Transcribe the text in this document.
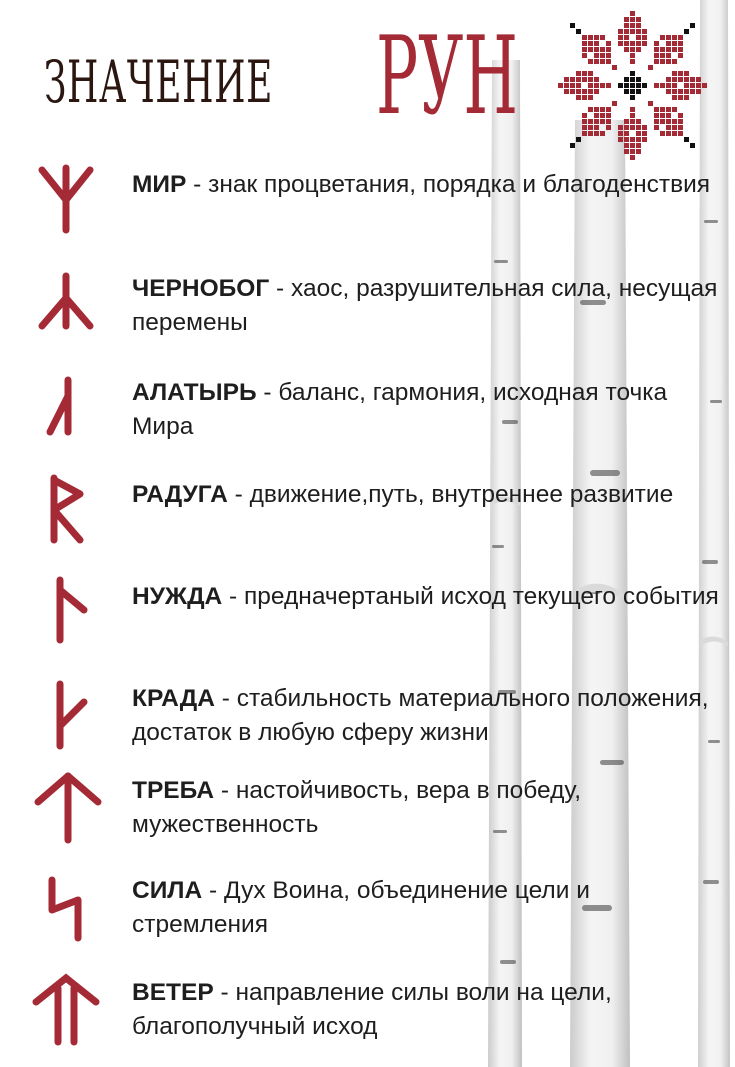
ЗНАЧЕНИЕ РУН
МИР - знак процветания, порядка и благоденствия
ЧЕРНОБОГ - хаос, разрушительная сила, несущая перемены
АЛАТЫРЬ - баланс, гармония, исходная точка Мира
РАДУГА - движение,путь, внутреннее развитие
НУЖДА - предначертаный исход текущего события
КРАДА - стабильность материального положения, достаток в любую сферу жизни
ТРЕБА - настойчивость, вера в победу, мужественность
СИЛА - Дух Воина, объединение цели и стремления
ВЕТЕР - направление силы воли на цели, благополучный исход
